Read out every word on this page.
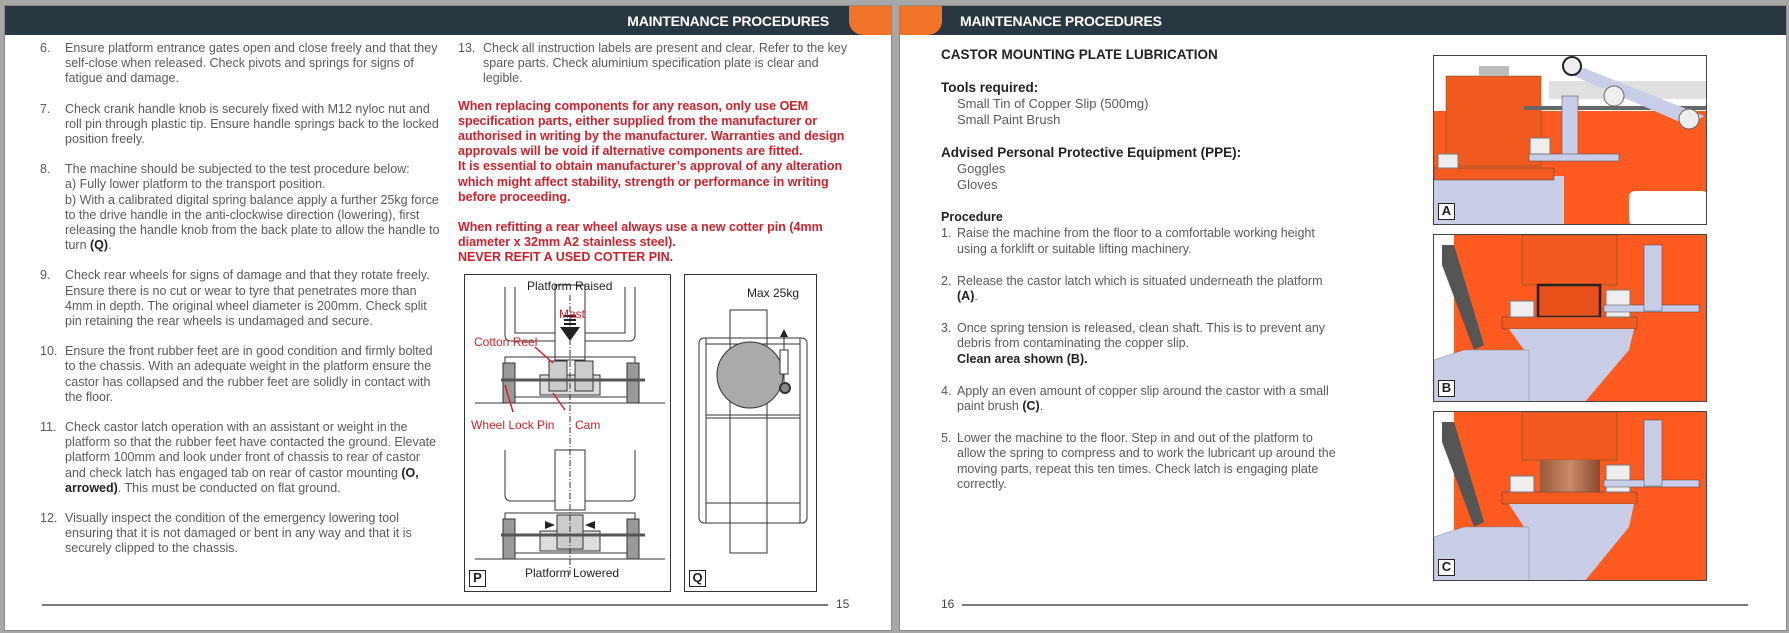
MAINTENANCE PROCEDURES
6. Ensure platform entrance gates open and close freely and that they self-close when released. Check pivots and springs for signs of fatigue and damage.
7. Check crank handle knob is securely fixed with M12 nyloc nut and roll pin through plastic tip. Ensure handle springs back to the locked position freely.
8. The machine should be subjected to the test procedure below:
a) Fully lower platform to the transport position.
b) With a calibrated digital spring balance apply a further 25kg force to the drive handle in the anti-clockwise direction (lowering), first releasing the handle knob from the back plate to allow the handle to turn (Q).
9. Check rear wheels for signs of damage and that they rotate freely. Ensure there is no cut or wear to tyre that penetrates more than 4mm in depth. The original wheel diameter is 200mm. Check split pin retaining the rear wheels is undamaged and secure.
10. Ensure the front rubber feet are in good condition and firmly bolted to the chassis. With an adequate weight in the platform ensure the castor has collapsed and the rubber feet are solidly in contact with the floor.
11. Check castor latch operation with an assistant or weight in the platform so that the rubber feet have contacted the ground. Elevate platform 100mm and look under front of chassis to rear of castor and check latch has engaged tab on rear of castor mounting (O, arrowed). This must be conducted on flat ground.
12. Visually inspect the condition of the emergency lowering tool ensuring that it is not damaged or bent in any way and that it is securely clipped to the chassis.
13. Check all instruction labels are present and clear. Refer to the key spare parts. Check aluminium specification plate is clear and legible.
When replacing components for any reason, only use OEM specification parts, either supplied from the manufacturer or authorised in writing by the manufacturer. Warranties and design approvals will be void if alternative components are fitted.
It is essential to obtain manufacturer’s approval of any alteration which might affect stability, strength or performance in writing before proceeding.
When refitting a rear wheel always use a new cotter pin (4mm diameter x 32mm A2 stainless steel).
NEVER REFIT A USED COTTER PIN.
Platform Raised
Mast
Cotton Reel
Wheel Lock Pin Cam
Platform Lowered
P
Max 25kg
Q
15
MAINTENANCE PROCEDURES
CASTOR MOUNTING PLATE LUBRICATION
Tools required:
Small Tin of Copper Slip (500mg)
Small Paint Brush
Advised Personal Protective Equipment (PPE):
Goggles
Gloves
Procedure
1. Raise the machine from the floor to a comfortable working height using a forklift or suitable lifting machinery.
2. Release the castor latch which is situated underneath the platform (A).
3. Once spring tension is released, clean shaft. This is to prevent any debris from contaminating the copper slip.
Clean area shown (B).
4. Apply an even amount of copper slip around the castor with a small paint brush (C).
5. Lower the machine to the floor. Step in and out of the platform to allow the spring to compress and to work the lubricant up around the moving parts, repeat this ten times. Check latch is engaging plate correctly.
A
B
C
16
